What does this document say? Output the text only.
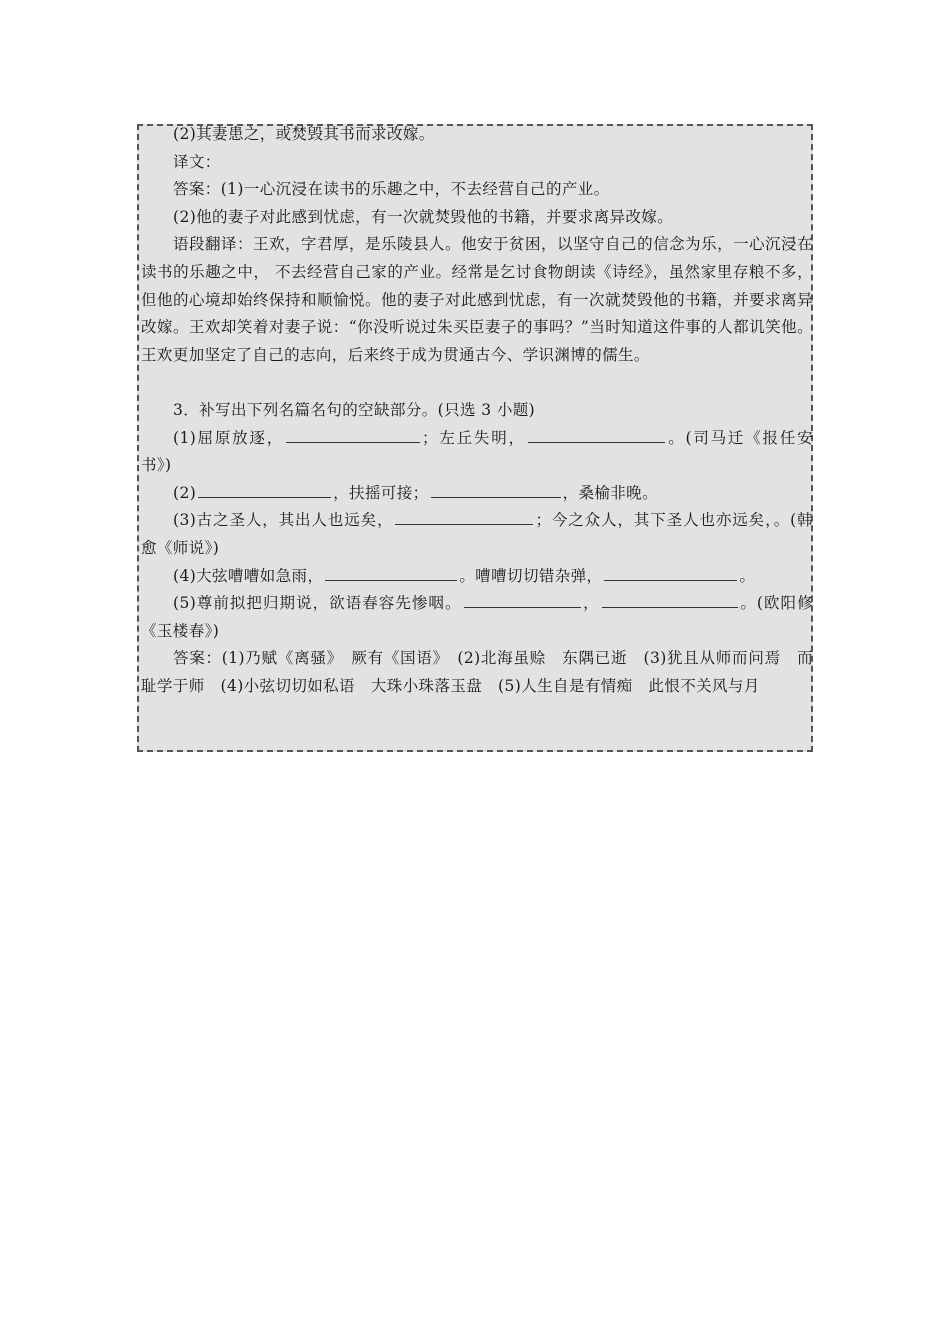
(2)其妻患之，或焚毁其书而求改嫁。

译文：

答案：(1)一心沉浸在读书的乐趣之中，不去经营自己的产业。

(2)他的妻子对此感到忧虑，有一次就焚毁他的书籍，并要求离异改嫁。

语段翻译：王欢，字君厚，是乐陵县人。他安于贫困，以坚守自己的信念为乐，一心沉浸在读书的乐趣之中， 不去经营自己家的产业。经常是乞讨食物朗读《诗经》，虽然家里存粮不多，但他的心境却始终保持和顺愉悦。他的妻子对此感到忧虑，有一次就焚毁他的书籍，并要求离异改嫁。王欢却笑着对妻子说：“你没听说过朱买臣妻子的事吗？”当时知道这件事的人都讥笑他。王欢更加坚定了自己的志向，后来终于成为贯通古今、学识渊博的儒生。

3．补写出下列名篇名句的空缺部分。(只选 3 小题)

(1)屈原放逐，	；左丘失明，	。(司马迁《报任安书》)

(2)	，扶摇可接；	，桑榆非晚。

(3)古之圣人，其出人也远矣，	；今之众人，其下圣人也亦远矣，。(韩愈《师说》)

(4)大弦嘈嘈如急雨，	。嘈嘈切切错杂弹，	。

(5)尊前拟把归期说，欲语春容先惨咽。	，	。(欧阳修《玉楼春》)

答案：(1)乃赋《离骚》　厥有《国语》　(2)北海虽赊　东隅已逝　(3)犹且从师而问焉　而耻学于师　(4)小弦切切如私语　大珠小珠落玉盘　(5)人生自是有情痴　此恨不关风与月
